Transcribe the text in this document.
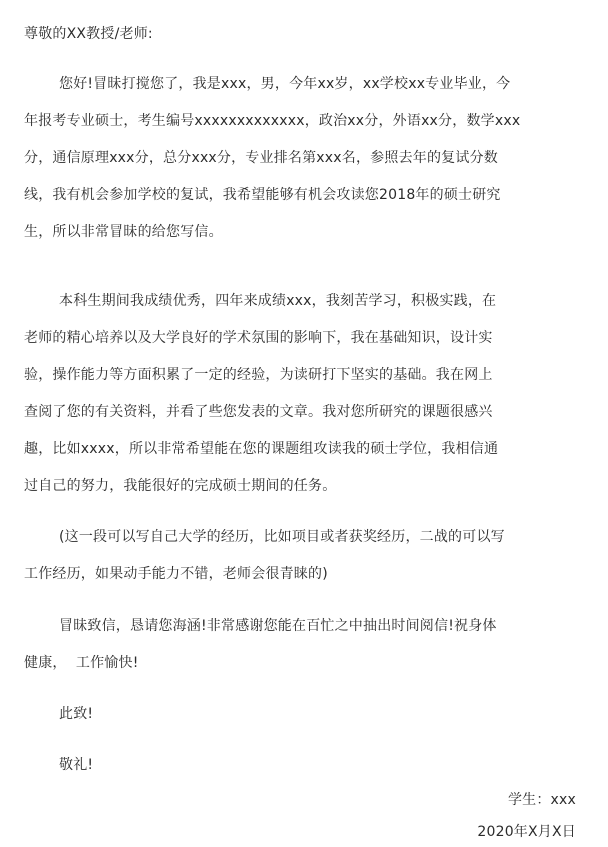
尊敬的XX教授/老师:
您好!冒昧打搅您了，我是xxx，男，今年xx岁，xx学校xx专业毕业，今
年报考专业硕士，考生编号xxxxxxxxxxxxx，政治xx分，外语xx分，数学xxx
分，通信原理xxx分，总分xxx分，专业排名第xxx名，参照去年的复试分数
线，我有机会参加学校的复试，我希望能够有机会攻读您2018年的硕士研究
生，所以非常冒昧的给您写信。
本科生期间我成绩优秀，四年来成绩xxx，我刻苦学习，积极实践，在
老师的精心培养以及大学良好的学术氛围的影响下，我在基础知识，设计实
验，操作能力等方面积累了一定的经验，为读研打下坚实的基础。我在网上
查阅了您的有关资料，并看了些您发表的文章。我对您所研究的课题很感兴
趣，比如xxxx，所以非常希望能在您的课题组攻读我的硕士学位，我相信通
过自己的努力，我能很好的完成硕士期间的任务。
(这一段可以写自己大学的经历，比如项目或者获奖经历，二战的可以写
工作经历，如果动手能力不错，老师会很青睐的)
冒昧致信，恳请您海涵!非常感谢您能在百忙之中抽出时间阅信!祝身体
健康，  工作愉快!
此致!
敬礼!
学生：xxx
2020年X月X日
